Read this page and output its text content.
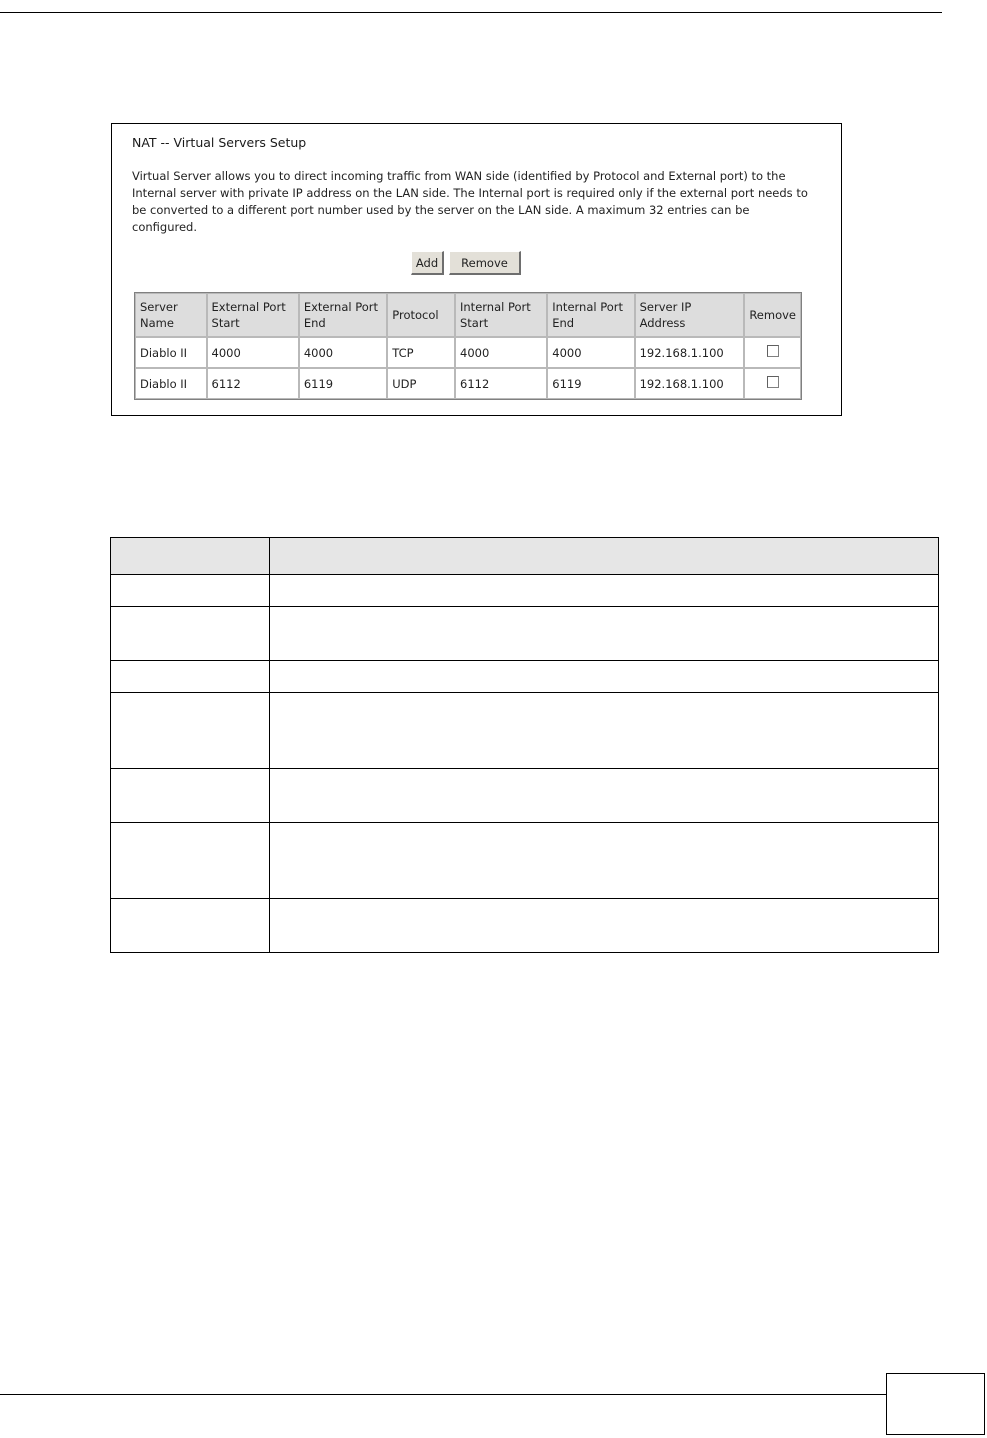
NAT -- Virtual Servers Setup

Virtual Server allows you to direct incoming traffic from WAN side (identified by Protocol and External port) to the Internal server with private IP address on the LAN side. The Internal port is required only if the external port needs to be converted to a different port number used by the server on the LAN side. A maximum 32 entries can be configured.

Add	Remove
Server Name	External Port Start	External Port End	Protocol	Internal Port Start	Internal Port End	Server IP Address	Remove
Diablo II	4000	4000	TCP	4000	4000	192.168.1.100	
Diablo II	6112	6119	UDP	6112	6119	192.168.1.100	
